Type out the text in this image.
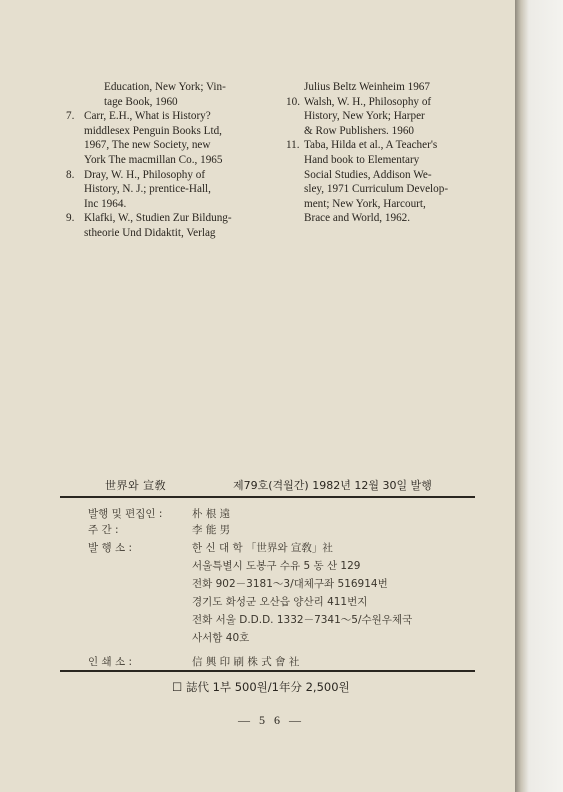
Education, New York; Vin-
tage Book, 1960
7. Carr, E.H., What is History?
middlesex Penguin Books Ltd,
1967, The new Society, new
York The macmillan Co., 1965
8. Dray, W. H., Philosophy of
History, N. J.; prentice-Hall,
Inc 1964.
9. Klafki, W., Studien Zur Bildung-
stheorie Und Didaktit, Verlag
Julius Beltz Weinheim 1967
10. Walsh, W. H., Philosophy of
History, New York; Harper
& Row Publishers. 1960
11. Taba, Hilda et al., A Teacher's
Hand book to Elementary
Social Studies, Addison We-
sley, 1971 Curriculum Develop-
ment; New York, Harcourt,
Brace and World, 1962.
世界와 宣敎	제79호(격월간) 1982년 12월 30일 발행
발행 및 편집인 :	朴 根 遠
주 간 :	李 能 男
발 행 소 :	한 신 대 학 「世界와 宣敎」社
서울특별시 도봉구 수유 5 동 산 129
전화 902－3181～3/대체구좌 516914번
경기도 화성군 오산읍 양산리 411번지
전화 서울 D.D.D. 1332－7341～5/수원우체국
사서함 40호
인 쇄 소 :	信 興 印 刷 株 式 會 社
☐ 誌代 1부 500원/1年分 2,500원
— 5 6 —
